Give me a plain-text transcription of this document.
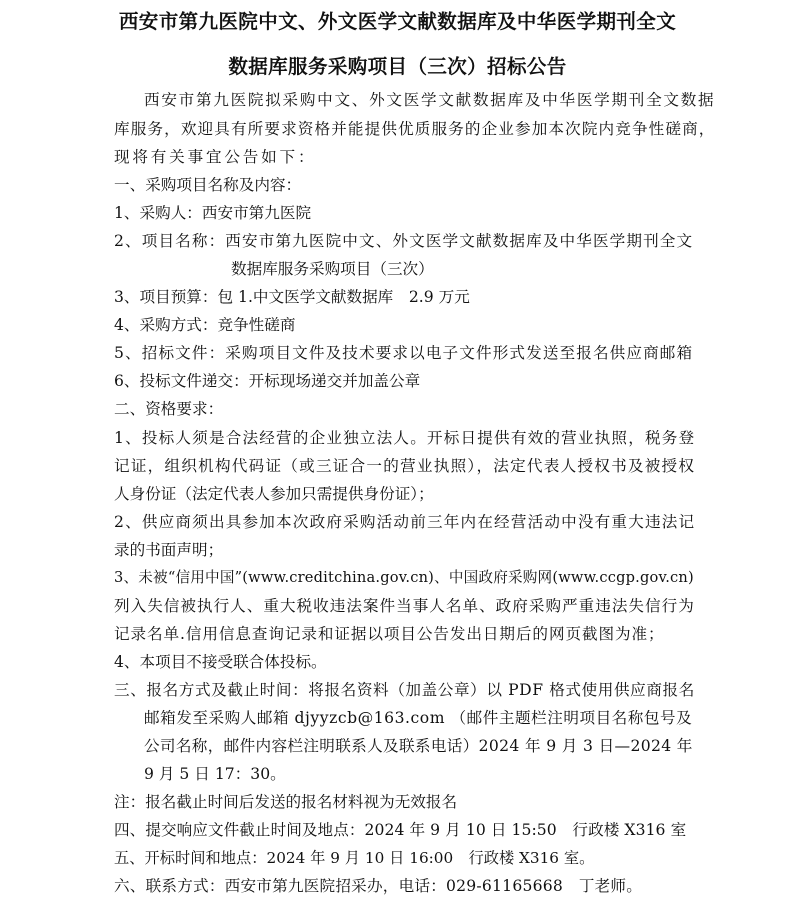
西安市第九医院中文、外文医学文献数据库及中华医学期刊全文
数据库服务采购项目（三次）招标公告
西安市第九医院拟采购中文、外文医学文献数据库及中华医学期刊全文数据
库服务，欢迎具有所要求资格并能提供优质服务的企业参加本次院内竞争性磋商，
现将有关事宜公告如下：
一、采购项目名称及内容：
1、采购人：西安市第九医院
2、项目名称：西安市第九医院中文、外文医学文献数据库及中华医学期刊全文
数据库服务采购项目（三次）
3、项目预算：包 1.中文医学文献数据库　2.9 万元
4、采购方式：竞争性磋商
5、招标文件：采购项目文件及技术要求以电子文件形式发送至报名供应商邮箱
6、投标文件递交：开标现场递交并加盖公章
二、资格要求：
1、投标人须是合法经营的企业独立法人。开标日提供有效的营业执照，税务登
记证，组织机构代码证（或三证合一的营业执照），法定代表人授权书及被授权
人身份证（法定代表人参加只需提供身份证）；
2、供应商须出具参加本次政府采购活动前三年内在经营活动中没有重大违法记
录的书面声明；
3、未被“信用中国”(www.creditchina.gov.cn)、中国政府采购网(www.ccgp.gov.cn)
列入失信被执行人、重大税收违法案件当事人名单、政府采购严重违法失信行为
记录名单.信用信息查询记录和证据以项目公告发出日期后的网页截图为准；
4、本项目不接受联合体投标。
三、报名方式及截止时间：将报名资料（加盖公章）以 PDF 格式使用供应商报名
邮箱发至采购人邮箱 djyyzcb@163.com （邮件主题栏注明项目名称包号及
公司名称，邮件内容栏注明联系人及联系电话）2024 年 9 月 3 日—2024 年
9 月 5 日 17：30。
注：报名截止时间后发送的报名材料视为无效报名
四、提交响应文件截止时间及地点：2024 年 9 月 10 日 15:50　行政楼 X316 室
五、开标时间和地点：2024 年 9 月 10 日 16:00　行政楼 X316 室。
六、联系方式：西安市第九医院招采办，电话：029-61165668　丁老师。
